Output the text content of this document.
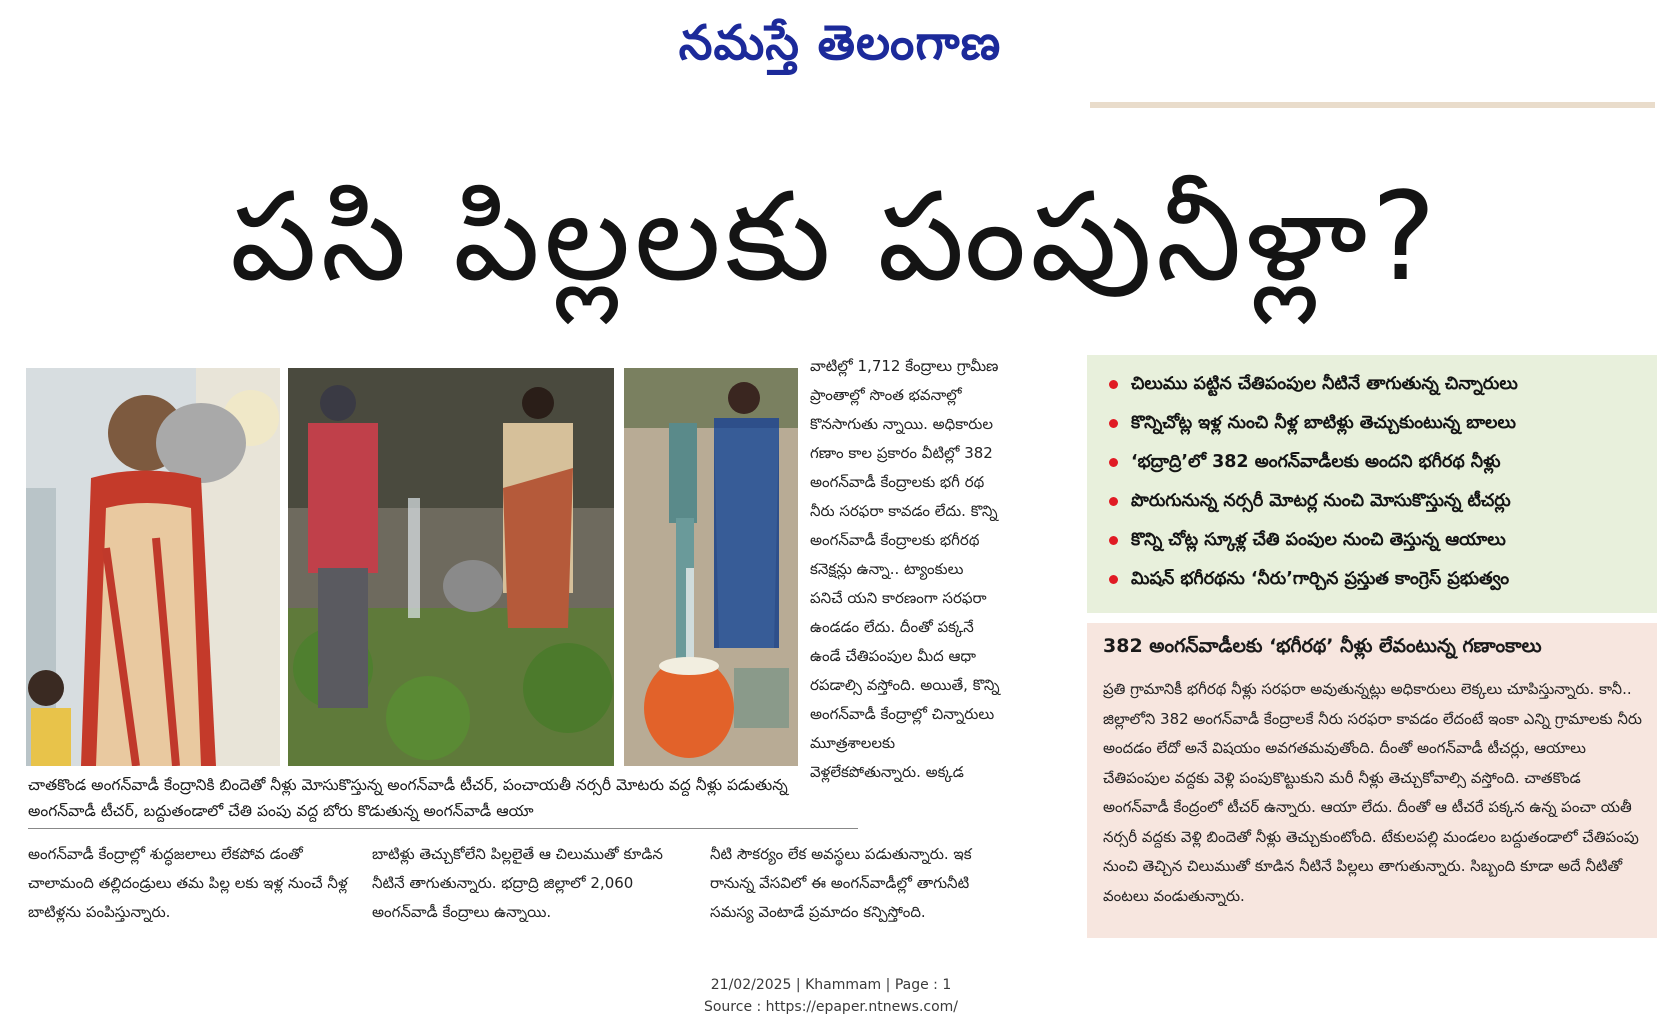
నమస్తే తెలంగాణ
పసి పిల్లలకు పంపునీళ్లా?
చాతకొండ అంగన్‌వాడీ కేంద్రానికి బిందెతో నీళ్లు మోసుకొస్తున్న అంగన్‌వాడీ టీచర్, పంచాయతీ నర్సరీ మోటరు వద్ద నీళ్లు పడుతున్న అంగన్‌వాడీ టీచర్, బద్దుతండాలో చేతి పంపు వద్ద బోరు కొడుతున్న అంగన్‌వాడీ ఆయా
వాటిల్లో 1,712 కేంద్రాలు గ్రామీణ ప్రాంతాల్లో సొంత భవనాల్లో కొనసాగుతు న్నాయి. అధికారుల గణాం కాల ప్రకారం వీటిల్లో 382 అంగన్‌వాడీ కేంద్రాలకు భగీ రథ నీరు సరఫరా కావడం లేదు. కొన్ని అంగన్‌వాడీ కేంద్రాలకు భగీరథ కనెక్షన్లు ఉన్నా.. ట్యాంకులు పనిచే యని కారణంగా సరఫరా ఉండడం లేదు. దీంతో పక్కనే ఉండే చేతిపంపుల మీద ఆధా రపడాల్సి వస్తోంది. అయితే, కొన్ని అంగన్‌వాడీ కేంద్రాల్లో చిన్నారులు మూత్రశాలలకు వెళ్లలేకపోతున్నారు. అక్కడ
అంగన్‌వాడీ కేంద్రాల్లో శుద్ధజలాలు లేకపోవ డంతో చాలామంది తల్లిదండ్రులు తమ పిల్ల లకు ఇళ్ల నుంచే నీళ్ల బాటిళ్లను పంపిస్తున్నారు.
బాటిళ్లు తెచ్చుకోలేని పిల్లలైతే ఆ చిలుముతో కూడిన నీటినే తాగుతున్నారు. భద్రాద్రి జిల్లాలో 2,060 అంగన్‌వాడీ కేంద్రాలు ఉన్నాయి.
నీటి సౌకర్యం లేక అవస్థలు పడుతున్నారు. ఇక రానున్న వేసవిలో ఈ అంగన్‌వాడీల్లో తాగునీటి సమస్య వెంటాడే ప్రమాదం కన్పిస్తోంది.
చిలుము పట్టిన చేతిపంపుల నీటినే తాగుతున్న చిన్నారులు
కొన్నిచోట్ల ఇళ్ల నుంచి నీళ్ల బాటిళ్లు తెచ్చుకుంటున్న బాలలు
‘భద్రాద్రి’లో 382 అంగన్‌వాడీలకు అందని భగీరథ నీళ్లు
పొరుగునున్న నర్సరీ మోటర్ల నుంచి మోసుకొస్తున్న టీచర్లు
కొన్ని చోట్ల స్కూళ్ల చేతి పంపుల నుంచి తెస్తున్న ఆయాలు
మిషన్ భగీరథను ‘నీరు’గార్చిన ప్రస్తుత కాంగ్రెస్ ప్రభుత్వం
382 అంగన్‌వాడీలకు ‘భగీరథ’ నీళ్లు లేవంటున్న గణాంకాలు
ప్రతి గ్రామానికీ భగీరథ నీళ్లు సరఫరా అవుతున్నట్లు అధికారులు లెక్కలు చూపిస్తున్నారు. కానీ.. జిల్లాలోని 382 అంగన్‌వాడీ కేంద్రాలకే నీరు సరఫరా కావడం లేదంటే ఇంకా ఎన్ని గ్రామాలకు నీరు అందడం లేదో అనే విషయం అవగతమవుతోంది. దీంతో అంగన్‌వాడీ టీచర్లు, ఆయాలు చేతిపంపుల వద్దకు వెళ్లి పంపుకొట్టుకుని మరీ నీళ్లు తెచ్చుకోవాల్సి వస్తోంది. చాతకొండ అంగన్‌వాడీ కేంద్రంలో టీచర్ ఉన్నారు. ఆయా లేదు. దీంతో ఆ టీచరే పక్కన ఉన్న పంచా యతీ నర్సరీ వద్దకు వెళ్లి బిందెతో నీళ్లు తెచ్చుకుంటోంది. టేకులపల్లి మండలం బద్దుతండాలో చేతిపంపు నుంచి తెచ్చిన చిలుముతో కూడిన నీటినే పిల్లలు తాగుతున్నారు. సిబ్బంది కూడా అదే నీటితో వంటలు వండుతున్నారు.
21/02/2025 | Khammam | Page : 1
Source : https://epaper.ntnews.com/
